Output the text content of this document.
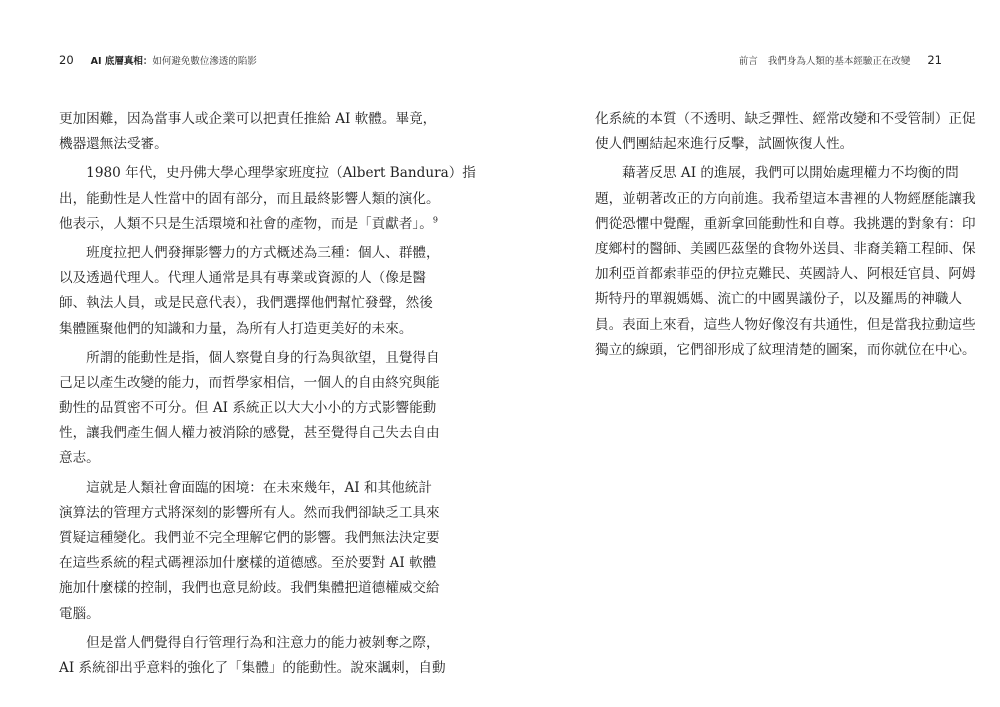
20 AI 底層真相：如何避免數位滲透的陷影
更加困難，因為當事人或企業可以把責任推給 AI 軟體。畢竟，
機器還無法受審。
　　1980 年代，史丹佛大學心理學家班度拉（Albert Bandura）指
出，能動性是人性當中的固有部分，而且最終影響人類的演化。
他表示，人類不只是生活環境和社會的產物，而是「貢獻者」。$^9$
　　班度拉把人們發揮影響力的方式概述為三種：個人、群體，
以及透過代理人。代理人通常是具有專業或資源的人（像是醫
師、執法人員，或是民意代表），我們選擇他們幫忙發聲，然後
集體匯聚他們的知識和力量，為所有人打造更美好的未來。
　　所謂的能動性是指，個人察覺自身的行為與欲望，且覺得自
己足以產生改變的能力，而哲學家相信，一個人的自由終究與能
動性的品質密不可分。但 AI 系統正以大大小小的方式影響能動
性，讓我們產生個人權力被消除的感覺，甚至覺得自己失去自由
意志。
　　這就是人類社會面臨的困境：在未來幾年，AI 和其他統計
演算法的管理方式將深刻的影響所有人。然而我們卻缺乏工具來
質疑這種變化。我們並不完全理解它們的影響。我們無法決定要
在這些系統的程式碼裡添加什麼樣的道德感。至於要對 AI 軟體
施加什麼樣的控制，我們也意見紛歧。我們集體把道德權威交給
電腦。
　　但是當人們覺得自行管理行為和注意力的能力被剝奪之際，
AI 系統卻出乎意料的強化了「集體」的能動性。說來諷刺，自動
前言 我們身為人類的基本經驗正在改變 21
化系統的本質（不透明、缺乏彈性、經常改變和不受管制）正促
使人們團結起來進行反擊，試圖恢復人性。
　　藉著反思 AI 的進展，我們可以開始處理權力不均衡的問
題，並朝著改正的方向前進。我希望這本書裡的人物經歷能讓我
們從恐懼中覺醒，重新拿回能動性和自尊。我挑選的對象有：印
度鄉村的醫師、美國匹茲堡的食物外送員、非裔美籍工程師、保
加利亞首都索菲亞的伊拉克難民、英國詩人、阿根廷官員、阿姆
斯特丹的單親媽媽、流亡的中國異議份子，以及羅馬的神職人
員。表面上來看，這些人物好像沒有共通性，但是當我拉動這些
獨立的線頭，它們卻形成了紋理清楚的圖案，而你就位在中心。
